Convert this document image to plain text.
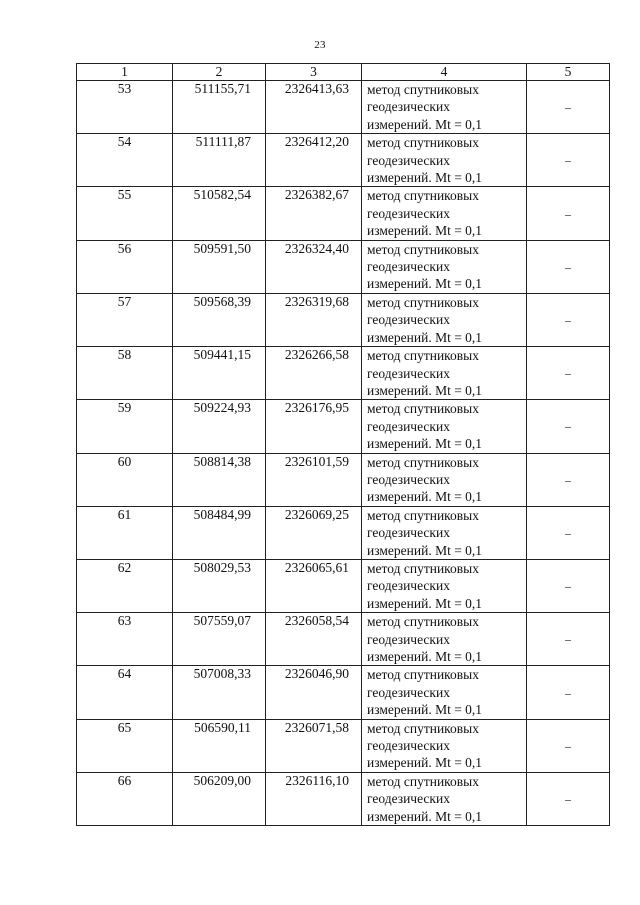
23
1	2	3	4	5
53	511155,71	2326413,63	метод спутниковых
геодезических
измерений. Mt = 0,1	–
54	511111,87	2326412,20	метод спутниковых
геодезических
измерений. Mt = 0,1	–
55	510582,54	2326382,67	метод спутниковых
геодезических
измерений. Mt = 0,1	–
56	509591,50	2326324,40	метод спутниковых
геодезических
измерений. Mt = 0,1	–
57	509568,39	2326319,68	метод спутниковых
геодезических
измерений. Mt = 0,1	–
58	509441,15	2326266,58	метод спутниковых
геодезических
измерений. Mt = 0,1	–
59	509224,93	2326176,95	метод спутниковых
геодезических
измерений. Mt = 0,1	–
60	508814,38	2326101,59	метод спутниковых
геодезических
измерений. Mt = 0,1	–
61	508484,99	2326069,25	метод спутниковых
геодезических
измерений. Mt = 0,1	–
62	508029,53	2326065,61	метод спутниковых
геодезических
измерений. Mt = 0,1	–
63	507559,07	2326058,54	метод спутниковых
геодезических
измерений. Mt = 0,1	–
64	507008,33	2326046,90	метод спутниковых
геодезических
измерений. Mt = 0,1	–
65	506590,11	2326071,58	метод спутниковых
геодезических
измерений. Mt = 0,1	–
66	506209,00	2326116,10	метод спутниковых
геодезических
измерений. Mt = 0,1	–
